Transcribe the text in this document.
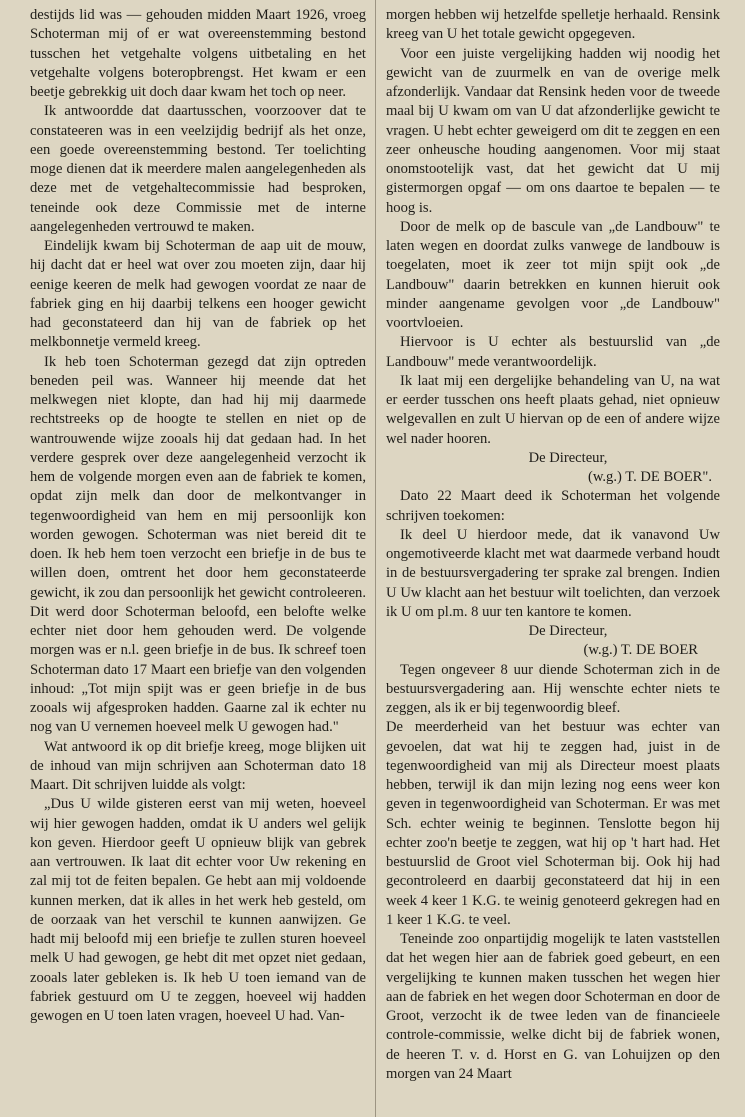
destijds lid was — gehouden midden Maart 1926, vroeg Schoterman mij of er wat overeenstemming bestond tusschen het vetgehalte volgens uitbetaling en het vetgehalte volgens boteropbrengst. Het kwam er een beetje gebrekkig uit doch daar kwam het toch op neer.

Ik antwoordde dat daartusschen, voorzoover dat te constateeren was in een veelzijdig bedrijf als het onze, een goede overeenstemming bestond. Ter toelichting moge dienen dat ik meerdere malen aangelegenheden als deze met de vetgehaltecommissie had besproken, teneinde ook deze Commissie met de interne aangelegenheden vertrouwd te maken.

Eindelijk kwam bij Schoterman de aap uit de mouw, hij dacht dat er heel wat over zou moeten zijn, daar hij eenige keeren de melk had gewogen voordat ze naar de fabriek ging en hij daarbij telkens een hooger gewicht had geconstateerd dan hij van de fabriek op het melkbonnetje vermeld kreeg.

Ik heb toen Schoterman gezegd dat zijn optreden beneden peil was. Wanneer hij meende dat het melkwegen niet klopte, dan had hij mij daarmede rechtstreeks op de hoogte te stellen en niet op de wantrouwende wijze zooals hij dat gedaan had. In het verdere gesprek over deze aangelegenheid verzocht ik hem de volgende morgen even aan de fabriek te komen, opdat zijn melk dan door de melkontvanger in tegenwoordigheid van hem en mij persoonlijk kon worden gewogen. Schoterman was niet bereid dit te doen. Ik heb hem toen verzocht een briefje in de bus te willen doen, omtrent het door hem geconstateerde gewicht, ik zou dan persoonlijk het gewicht controleeren. Dit werd door Schoterman beloofd, een belofte welke echter niet door hem gehouden werd. De volgende morgen was er n.l. geen briefje in de bus. Ik schreef toen Schoterman dato 17 Maart een briefje van den volgenden inhoud: „Tot mijn spijt was er geen briefje in de bus zooals wij afgesproken hadden. Gaarne zal ik echter nu nog van U vernemen hoeveel melk U gewogen had."

Wat antwoord ik op dit briefje kreeg, moge blijken uit de inhoud van mijn schrijven aan Schoterman dato 18 Maart. Dit schrijven luidde als volgt:

„Dus U wilde gisteren eerst van mij weten, hoeveel wij hier gewogen hadden, omdat ik U anders wel gelijk kon geven. Hierdoor geeft U opnieuw blijk van gebrek aan vertrouwen. Ik laat dit echter voor Uw rekening en zal mij tot de feiten bepalen. Ge hebt aan mij voldoende kunnen merken, dat ik alles in het werk heb gesteld, om de oorzaak van het verschil te kunnen aanwijzen. Ge hadt mij beloofd mij een briefje te zullen sturen hoeveel melk U had gewogen, ge hebt dit met opzet niet gedaan, zooals later gebleken is. Ik heb U toen iemand van de fabriek gestuurd om U te zeggen, hoeveel wij hadden gewogen en U toen laten vragen, hoeveel U had. Van-

morgen hebben wij hetzelfde spelletje herhaald. Rensink kreeg van U het totale gewicht opgegeven.

Voor een juiste vergelijking hadden wij noodig het gewicht van de zuurmelk en van de overige melk afzonderlijk. Vandaar dat Rensink heden voor de tweede maal bij U kwam om van U dat afzonderlijke gewicht te vragen. U hebt echter geweigerd om dit te zeggen en een zeer onheusche houding aangenomen. Voor mij staat onomstootelijk vast, dat het gewicht dat U mij gistermorgen opgaf — om ons daartoe te bepalen — te hoog is.

Door de melk op de bascule van „de Landbouw" te laten wegen en doordat zulks vanwege de landbouw is toegelaten, moet ik zeer tot mijn spijt ook „de Landbouw" daarin betrekken en kunnen hieruit ook minder aangename gevolgen voor „de Landbouw" voortvloeien.

Hiervoor is U echter als bestuurslid van „de Landbouw" mede verantwoordelijk.

Ik laat mij een dergelijke behandeling van U, na wat er eerder tusschen ons heeft plaats gehad, niet opnieuw welgevallen en zult U hiervan op de een of andere wijze wel nader hooren.

De Directeur,

(w.g.) T. DE BOER".

Dato 22 Maart deed ik Schoterman het volgende schrijven toekomen:

Ik deel U hierdoor mede, dat ik vanavond Uw ongemotiveerde klacht met wat daarmede verband houdt in de bestuursvergadering ter sprake zal brengen. Indien U Uw klacht aan het bestuur wilt toelichten, dan verzoek ik U om pl.m. 8 uur ten kantore te komen.

De Directeur,

(w.g.) T. DE BOER

Tegen ongeveer 8 uur diende Schoterman zich in de bestuursvergadering aan. Hij wenschte echter niets te zeggen, als ik er bij tegenwoordig bleef.

De meerderheid van het bestuur was echter van gevoelen, dat wat hij te zeggen had, juist in de tegenwoordigheid van mij als Directeur moest plaats hebben, terwijl ik dan mijn lezing nog eens weer kon geven in tegenwoordigheid van Schoterman. Er was met Sch. echter weinig te beginnen. Tenslotte begon hij echter zoo'n beetje te zeggen, wat hij op 't hart had. Het bestuurslid de Groot viel Schoterman bij. Ook hij had gecontroleerd en daarbij geconstateerd dat hij in een week 4 keer 1 K.G. te weinig genoteerd gekregen had en 1 keer 1 K.G. te veel.

Teneinde zoo onpartijdig mogelijk te laten vaststellen dat het wegen hier aan de fabriek goed gebeurt, en een vergelijking te kunnen maken tusschen het wegen hier aan de fabriek en het wegen door Schoterman en door de Groot, verzocht ik de twee leden van de financieele controle-commissie, welke dicht bij de fabriek wonen, de heeren T. v. d. Horst en G. van Lohuijzen op den morgen van 24 Maart
